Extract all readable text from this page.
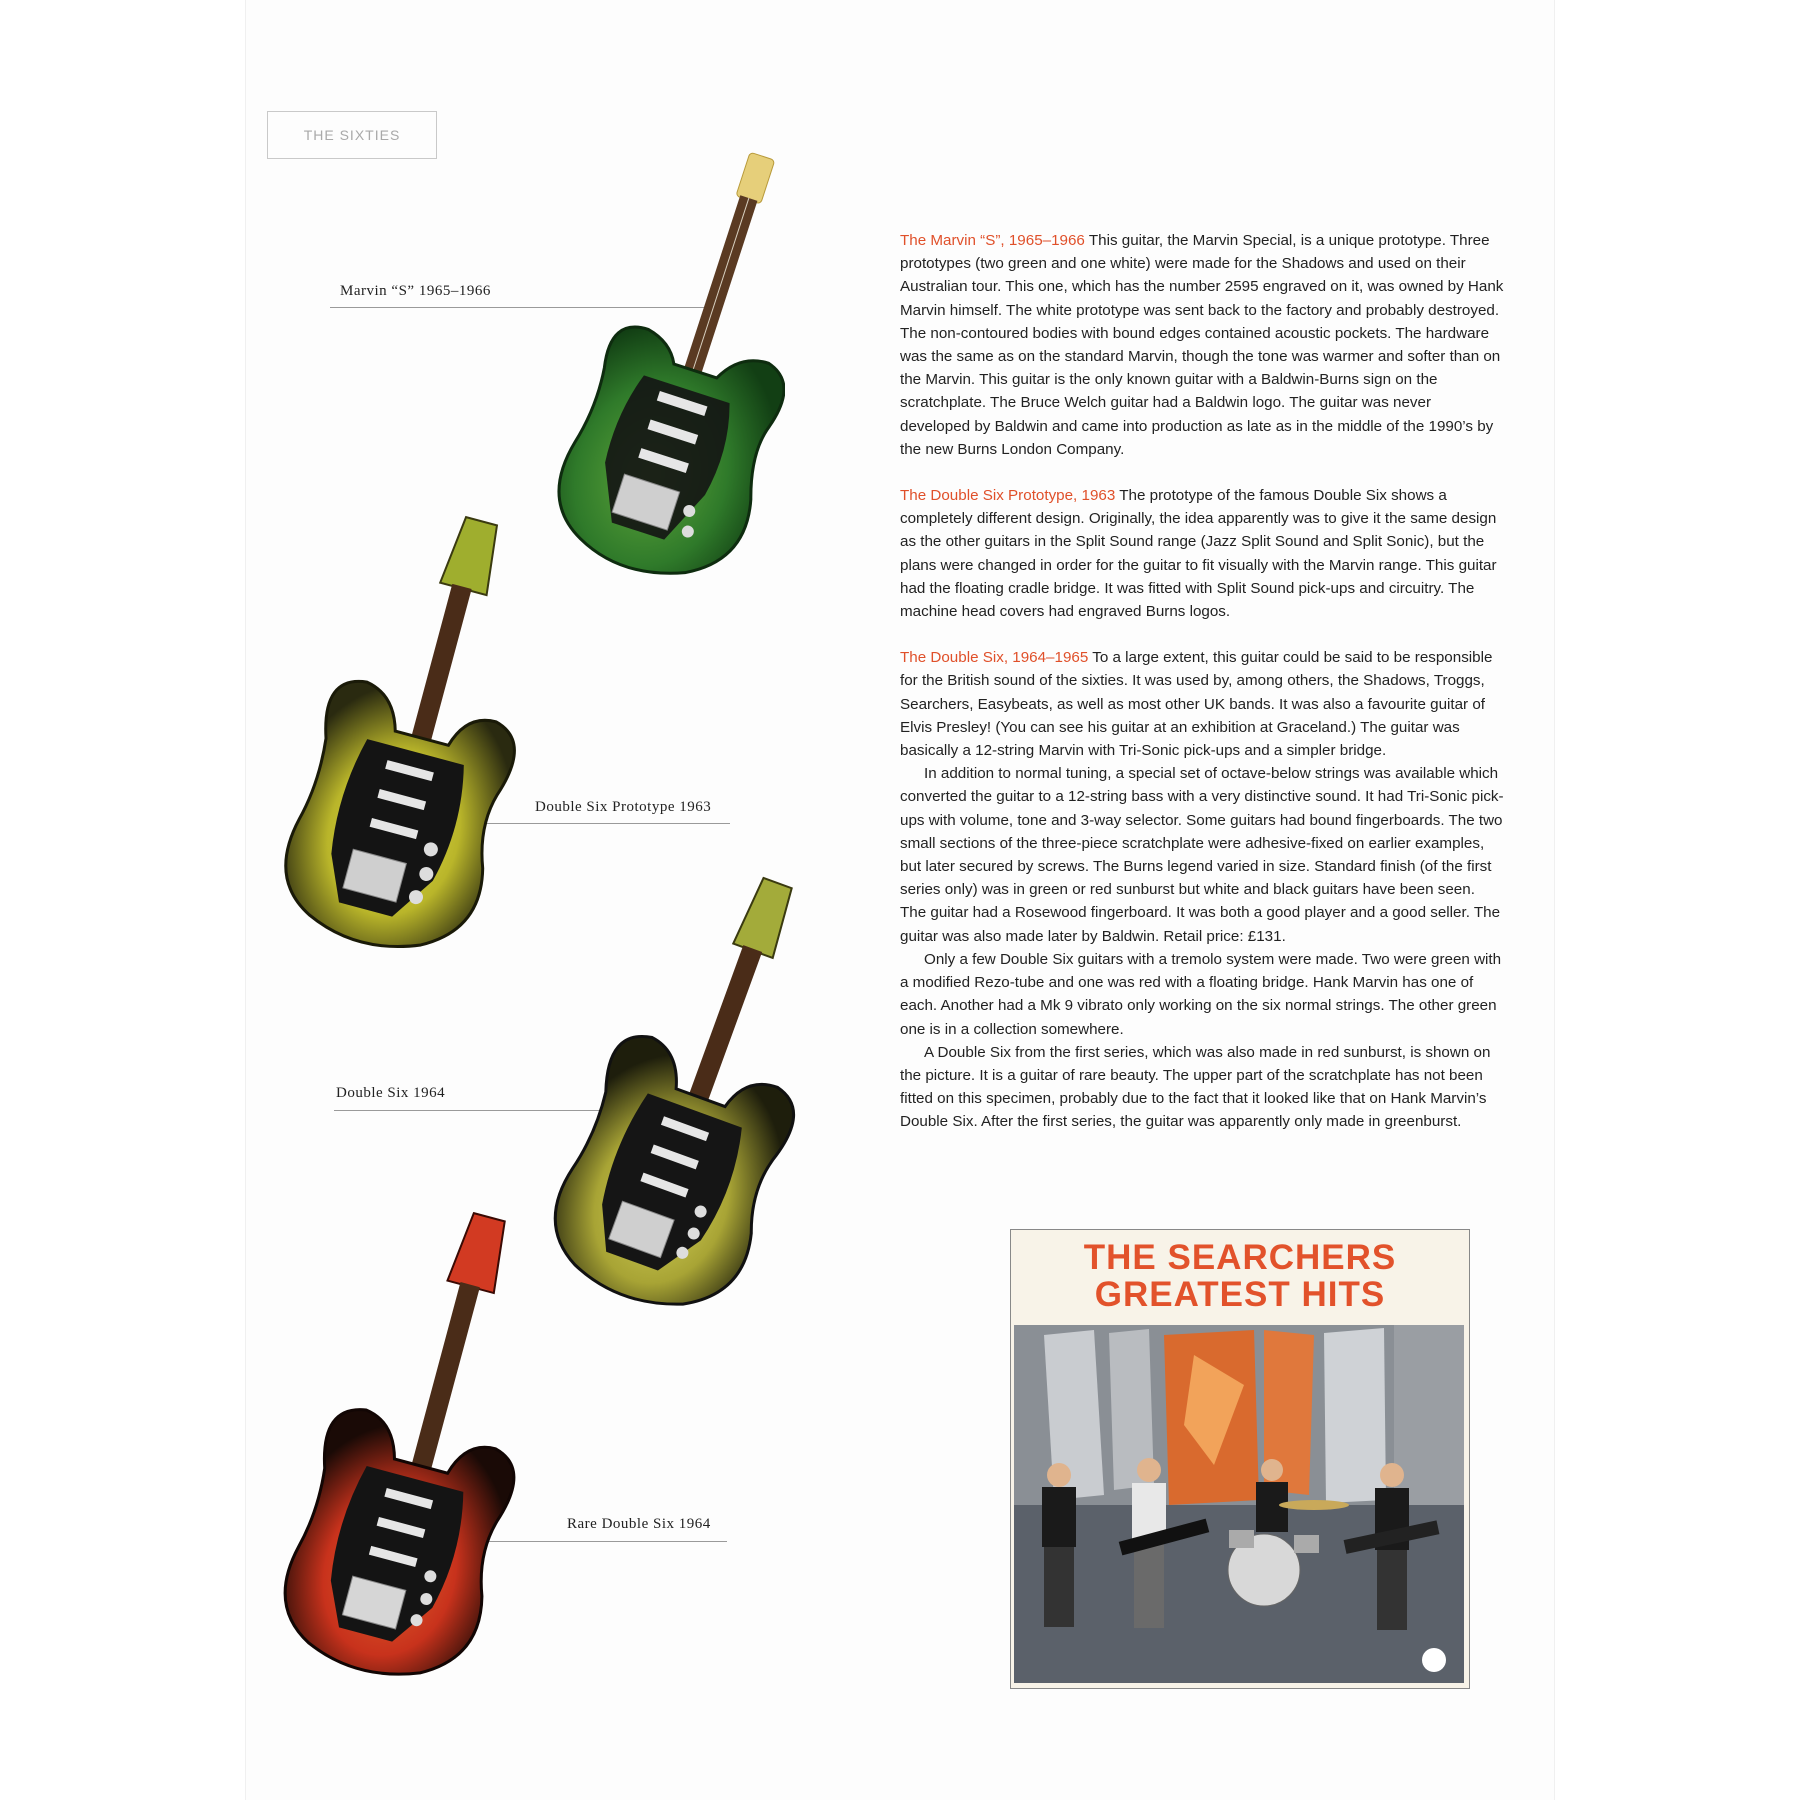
THE SIXTIES
Marvin “S” 1965–1966
Double Six Prototype 1963
Double Six 1964
Rare Double Six 1964

The Marvin “S”, 1965–1966 This guitar, the Marvin Special, is a unique prototype. Three prototypes (two green and one white) were made for the Shadows and used on their Australian tour. This one, which has the number 2595 engraved on it, was owned by Hank Marvin himself. The white prototype was sent back to the factory and probably destroyed. The non-contoured bodies with bound edges contained acoustic pockets. The hardware was the same as on the standard Marvin, though the tone was warmer and softer than on the Marvin. This guitar is the only known guitar with a Baldwin-Burns sign on the scratchplate. The Bruce Welch guitar had a Baldwin logo. The guitar was never developed by Baldwin and came into production as late as in the middle of the 1990’s by the new Burns London Company.

The Double Six Prototype, 1963 The prototype of the famous Double Six shows a completely different design. Originally, the idea apparently was to give it the same design as the other guitars in the Split Sound range (Jazz Split Sound and Split Sonic), but the plans were changed in order for the guitar to fit visually with the Marvin range. This guitar had the floating cradle bridge. It was fitted with Split Sound pick-ups and circuitry. The machine head covers had engraved Burns logos.

The Double Six, 1964–1965 To a large extent, this guitar could be said to be responsible for the British sound of the sixties. It was used by, among others, the Shadows, Troggs, Searchers, Easybeats, as well as most other UK bands. It was also a favourite guitar of Elvis Presley! (You can see his guitar at an exhibition at Graceland.) The guitar was basically a 12-string Marvin with Tri-Sonic pick-ups and a simpler bridge.

In addition to normal tuning, a special set of octave-below strings was available which converted the guitar to a 12-string bass with a very distinctive sound. It had Tri-Sonic pick-ups with volume, tone and 3-way selector. Some guitars had bound fingerboards. The two small sections of the three-piece scratchplate were adhesive-fixed on earlier examples, but later secured by screws. The Burns legend varied in size. Standard finish (of the first series only) was in green or red sunburst but white and black guitars have been seen. The guitar had a Rosewood fingerboard. It was both a good player and a good seller. The guitar was also made later by Baldwin. Retail price: £131.

Only a few Double Six guitars with a tremolo system were made. Two were green with a modified Rezo-tube and one was red with a floating bridge. Hank Marvin has one of each. Another had a Mk 9 vibrato only working on the six normal strings. The other green one is in a collection somewhere.

A Double Six from the first series, which was also made in red sunburst, is shown on the picture. It is a guitar of rare beauty. The upper part of the scratchplate has not been fitted on this specimen, probably due to the fact that it looked like that on Hank Marvin’s Double Six. After the first series, the guitar was apparently only made in greenburst.

THE SEARCHERS
GREATEST HITS
